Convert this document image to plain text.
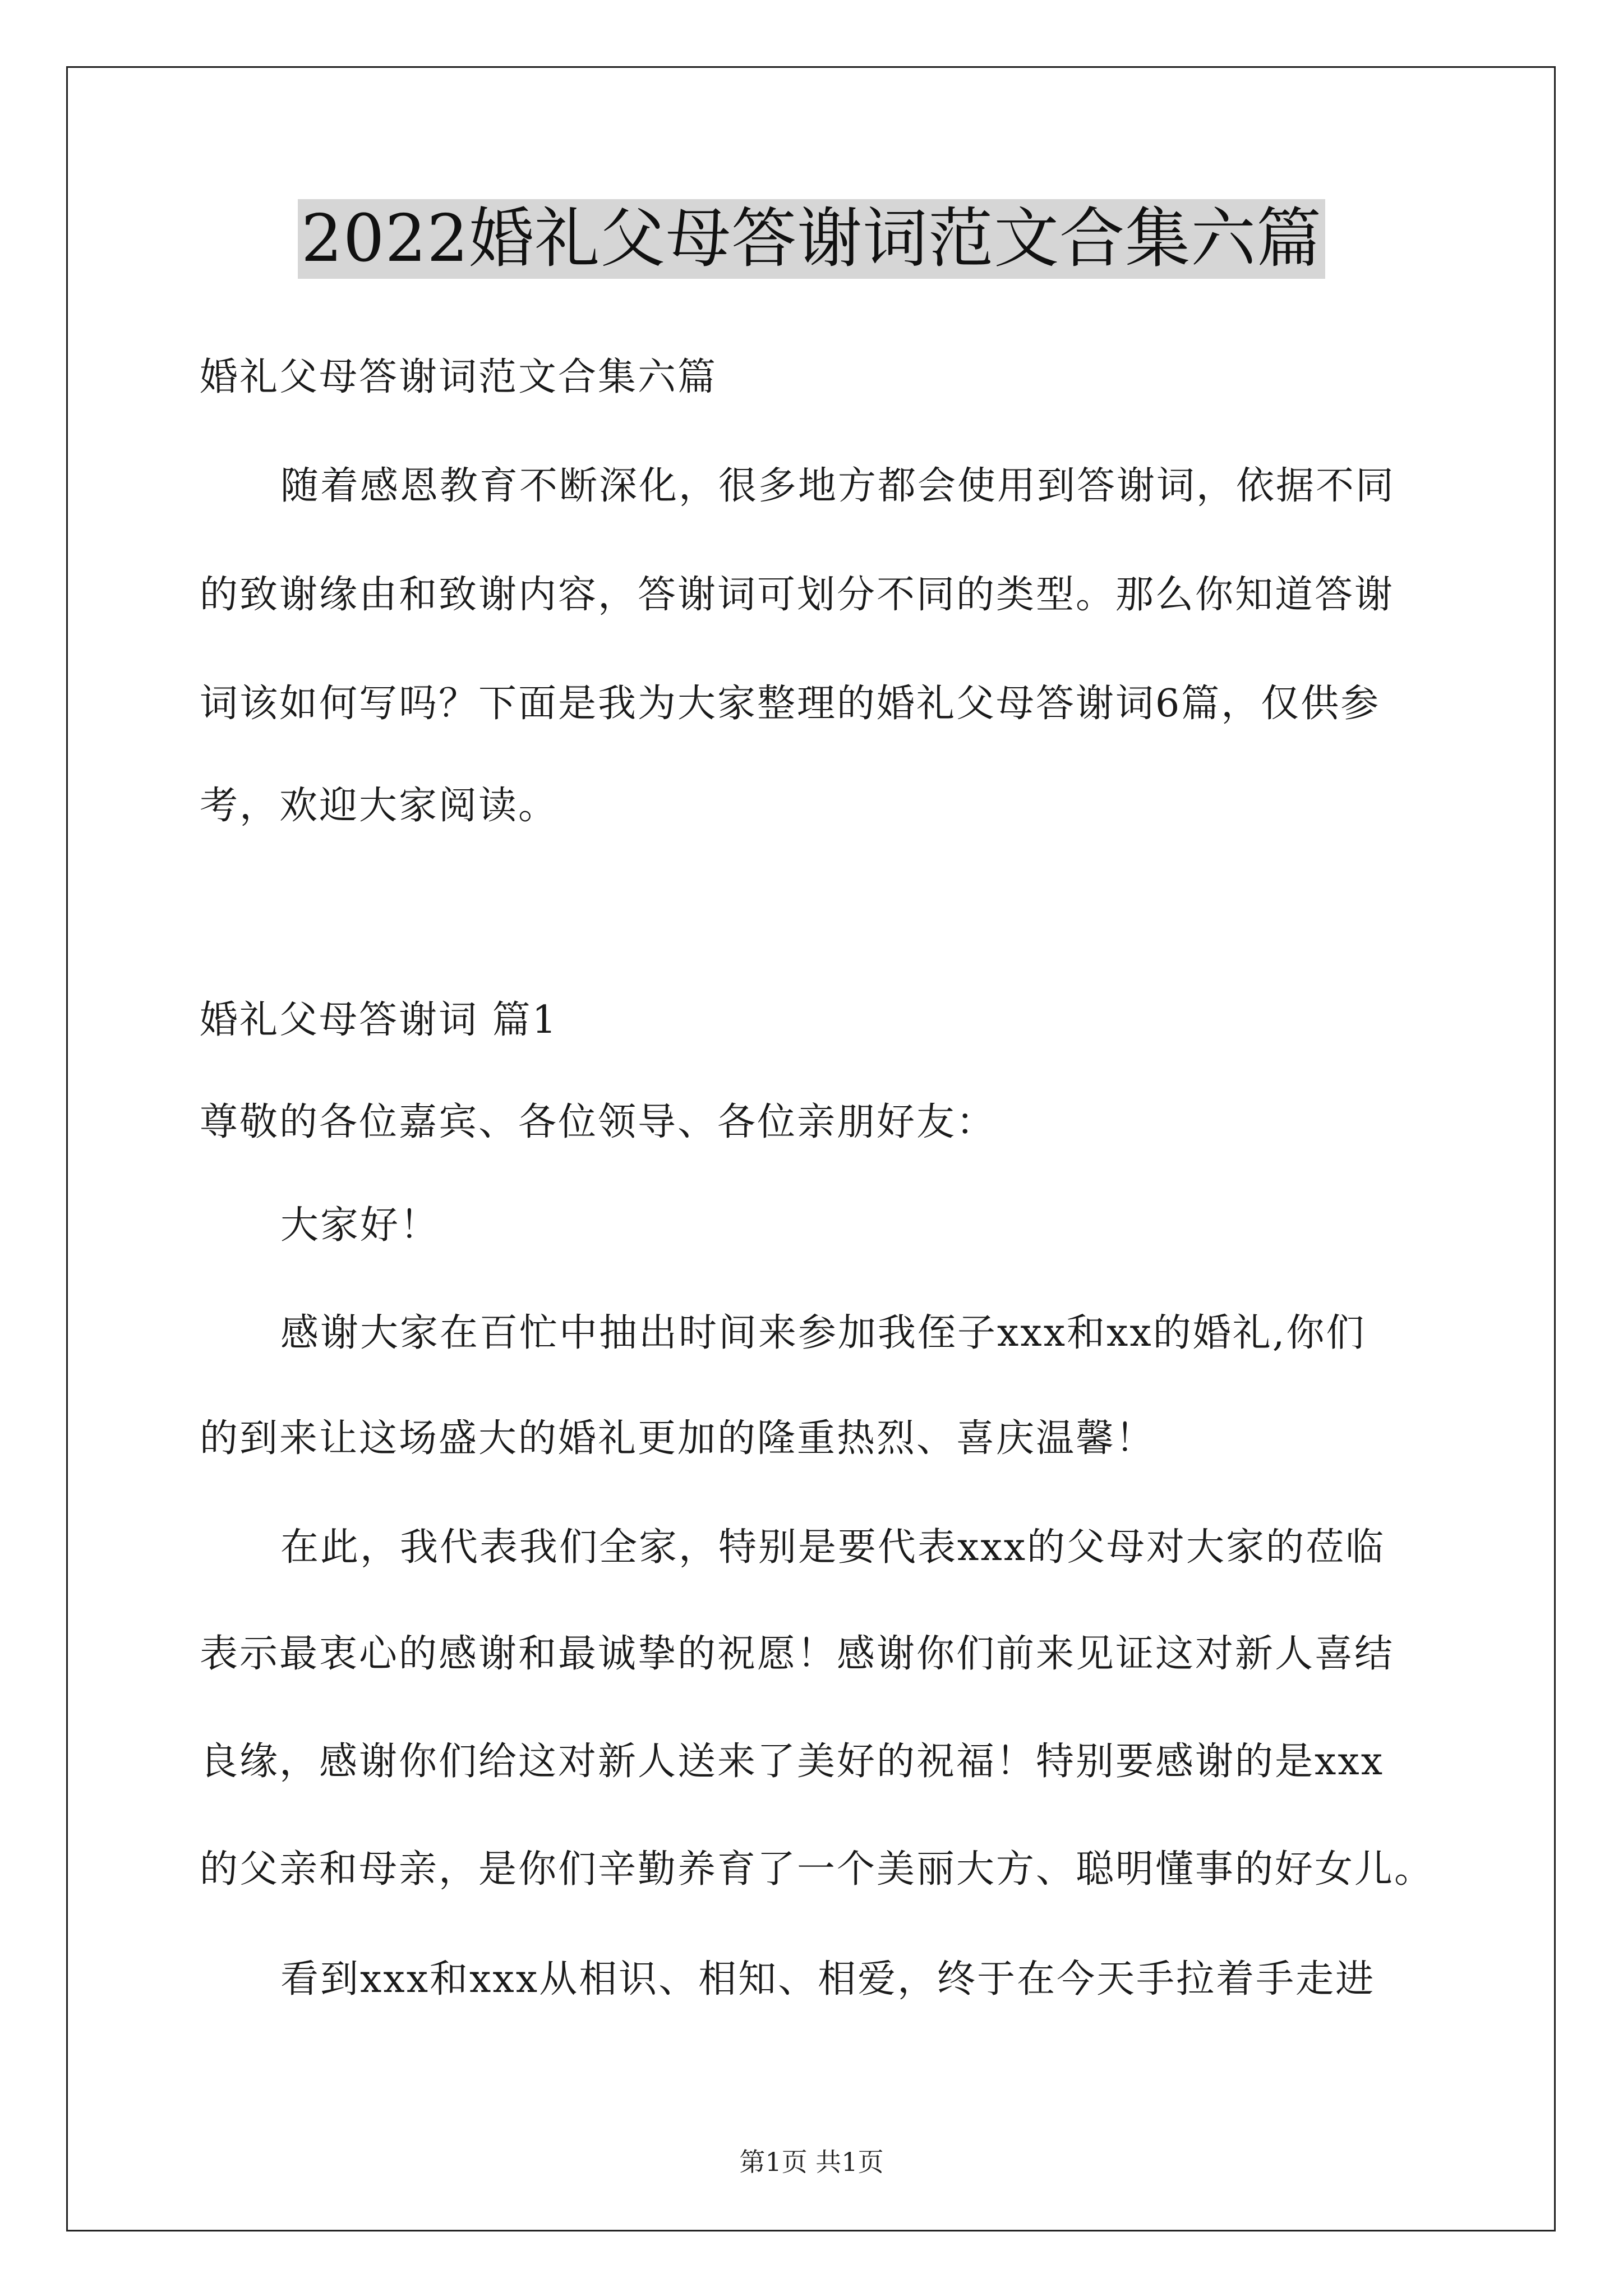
2022婚礼父母答谢词范文合集六篇
婚礼父母答谢词范文合集六篇
随着感恩教育不断深化，很多地方都会使用到答谢词，依据不同
的致谢缘由和致谢内容，答谢词可划分不同的类型。那么你知道答谢
词该如何写吗？下面是我为大家整理的婚礼父母答谢词6篇，仅供参
考，欢迎大家阅读。
婚礼父母答谢词 篇1
尊敬的各位嘉宾、各位领导、各位亲朋好友：
大家好！
感谢大家在百忙中抽出时间来参加我侄子xxx和xx的婚礼,你们
的到来让这场盛大的婚礼更加的隆重热烈、喜庆温馨！
在此，我代表我们全家，特别是要代表xxx的父母对大家的莅临
表示最衷心的感谢和最诚挚的祝愿！感谢你们前来见证这对新人喜结
良缘，感谢你们给这对新人送来了美好的祝福！特别要感谢的是xxx
的父亲和母亲，是你们辛勤养育了一个美丽大方、聪明懂事的好女儿。
看到xxx和xxx从相识、相知、相爱，终于在今天手拉着手走进
第1页 共1页
